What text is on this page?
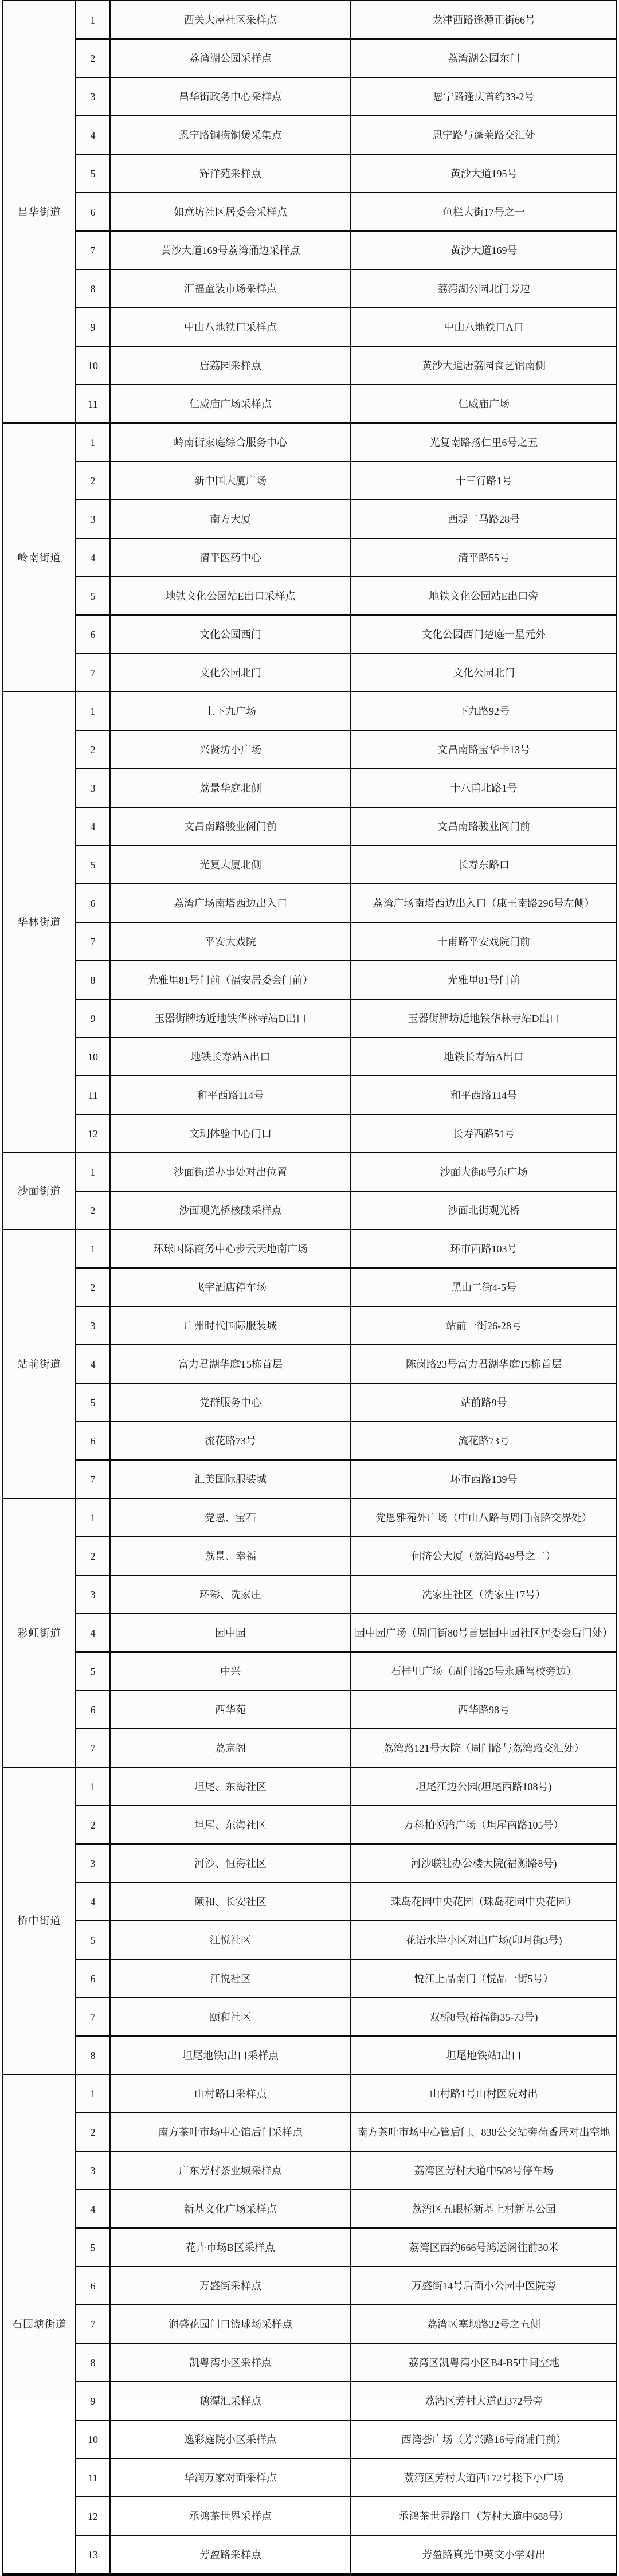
昌华街道	1	西关大屋社区采样点	龙津西路逢源正街66号
	2	荔湾湖公园采样点	荔湾湖公园东门
	3	昌华街政务中心采样点	恩宁路逢庆首约33-2号
	4	恩宁路铜捞铜煲采集点	恩宁路与蓬莱路交汇处
	5	辉洋苑采样点	黄沙大道195号
	6	如意坊社区居委会采样点	鱼栏大街17号之一
	7	黄沙大道169号荔湾涌边采样点	黄沙大道169号
	8	汇福童装市场采样点	荔湾湖公园北门旁边
	9	中山八地铁口采样点	中山八地铁口A口
	10	唐荔园采样点	黄沙大道唐荔园食艺馆南侧
	11	仁威庙广场采样点	仁威庙广场
岭南街道	1	岭南街家庭综合服务中心	光复南路扬仁里6号之五
	2	新中国大厦广场	十三行路1号
	3	南方大厦	西堤二马路28号
	4	清平医药中心	清平路55号
	5	地铁文化公园站E出口采样点	地铁文化公园站E出口旁
	6	文化公园西门	文化公园西门楚庭一星元外
	7	文化公园北门	文化公园北门
华林街道	1	上下九广场	下九路92号
	2	兴贤坊小广场	文昌南路宝华卡13号
	3	荔景华庭北侧	十八甫北路1号
	4	文昌南路骏业阁门前	文昌南路骏业阁门前
	5	光复大厦北侧	长寿东路口
	6	荔湾广场南塔西边出入口	荔湾广场南塔西边出入口（康王南路296号左侧）
	7	平安大戏院	十甫路平安戏院门前
	8	光雅里81号门前（福安居委会门前）	光雅里81号门前
	9	玉器街牌坊近地铁华林寺站D出口	玉器街牌坊近地铁华林寺站D出口
	10	地铁长寿站A出口	地铁长寿站A出口
	11	和平西路114号	和平西路114号
	12	文玥体验中心门口	长寿西路51号
沙面街道	1	沙面街道办事处对出位置	沙面大街8号东广场
	2	沙面观光桥核酸采样点	沙面北街观光桥
站前街道	1	环球国际商务中心步云天地南广场	环市西路103号
	2	飞宇酒店停车场	黑山二街4-5号
	3	广州时代国际服装城	站前一街26-28号
	4	富力君湖华庭T5栋首层	陈岗路23号富力君湖华庭T5栋首层
	5	党群服务中心	站前路9号
	6	流花路73号	流花路73号
	7	汇美国际服装城	环市西路139号
彩虹街道	1	党恩、宝石	党恩雅苑外广场（中山八路与周门南路交界处）
	2	荔景、幸福	何济公大厦（荔湾路49号之二）
	3	环彩、冼家庄	冼家庄社区（冼家庄17号）
	4	园中园	园中园广场（周门街80号首层园中园社区居委会后门处）
	5	中兴	石桂里广场（周门路25号永通驾校旁边）
	6	西华苑	西华路98号
	7	荔京阁	荔湾路121号大院（周门路与荔湾路交汇处）
桥中街道	1	坦尾、东海社区	坦尾江边公园(坦尾西路108号)
	2	坦尾、东海社区	万科柏悦湾广场（坦尾南路105号）
	3	河沙、恒海社区	河沙联社办公楼大院(福源路8号)
	4	颐和、长安社区	珠岛花园中央花园（珠岛花园中央花园）
	5	江悦社区	花语水岸小区对出广场(印月街3号)
	6	江悦社区	悦江上品南门（悦品一街5号）
	7	颐和社区	双桥8号(裕福街35-73号)
	8	坦尾地铁I出口采样点	坦尾地铁站I出口
石围塘街道	1	山村路口采样点	山村路1号山村医院对出
	2	南方茶叶市场中心馆后门采样点	南方茶叶市场中心管后门、838公交站旁荷香居对出空地
	3	广东芳村茶业城采样点	荔湾区芳村大道中508号停车场
	4	新基文化广场采样点	荔湾区五眼桥新基上村新基公园
	5	花卉市场B区采样点	荔湾区西约666号鸿运阁往前30米
	6	万盛街采样点	万盛街14号后面小公园中医院旁
	7	润盛花园门口篮球场采样点	荔湾区塞坝路32号之五侧
	8	凯粤湾小区采样点	荔湾区凯粤湾小区B4-B5中间空地
	9	鹅潭汇采样点	荔湾区芳村大道西372号旁
	10	逸彩庭院小区采样点	西湾荟广场（芳兴路16号商铺门前）
	11	华润万家对面采样点	荔湾区芳村大道西172号楼下小广场
	12	承鸿茶世界采样点	承鸿茶世界路口（芳村大道中688号）
	13	芳盈路采样点	芳盈路真光中英文小学对出
